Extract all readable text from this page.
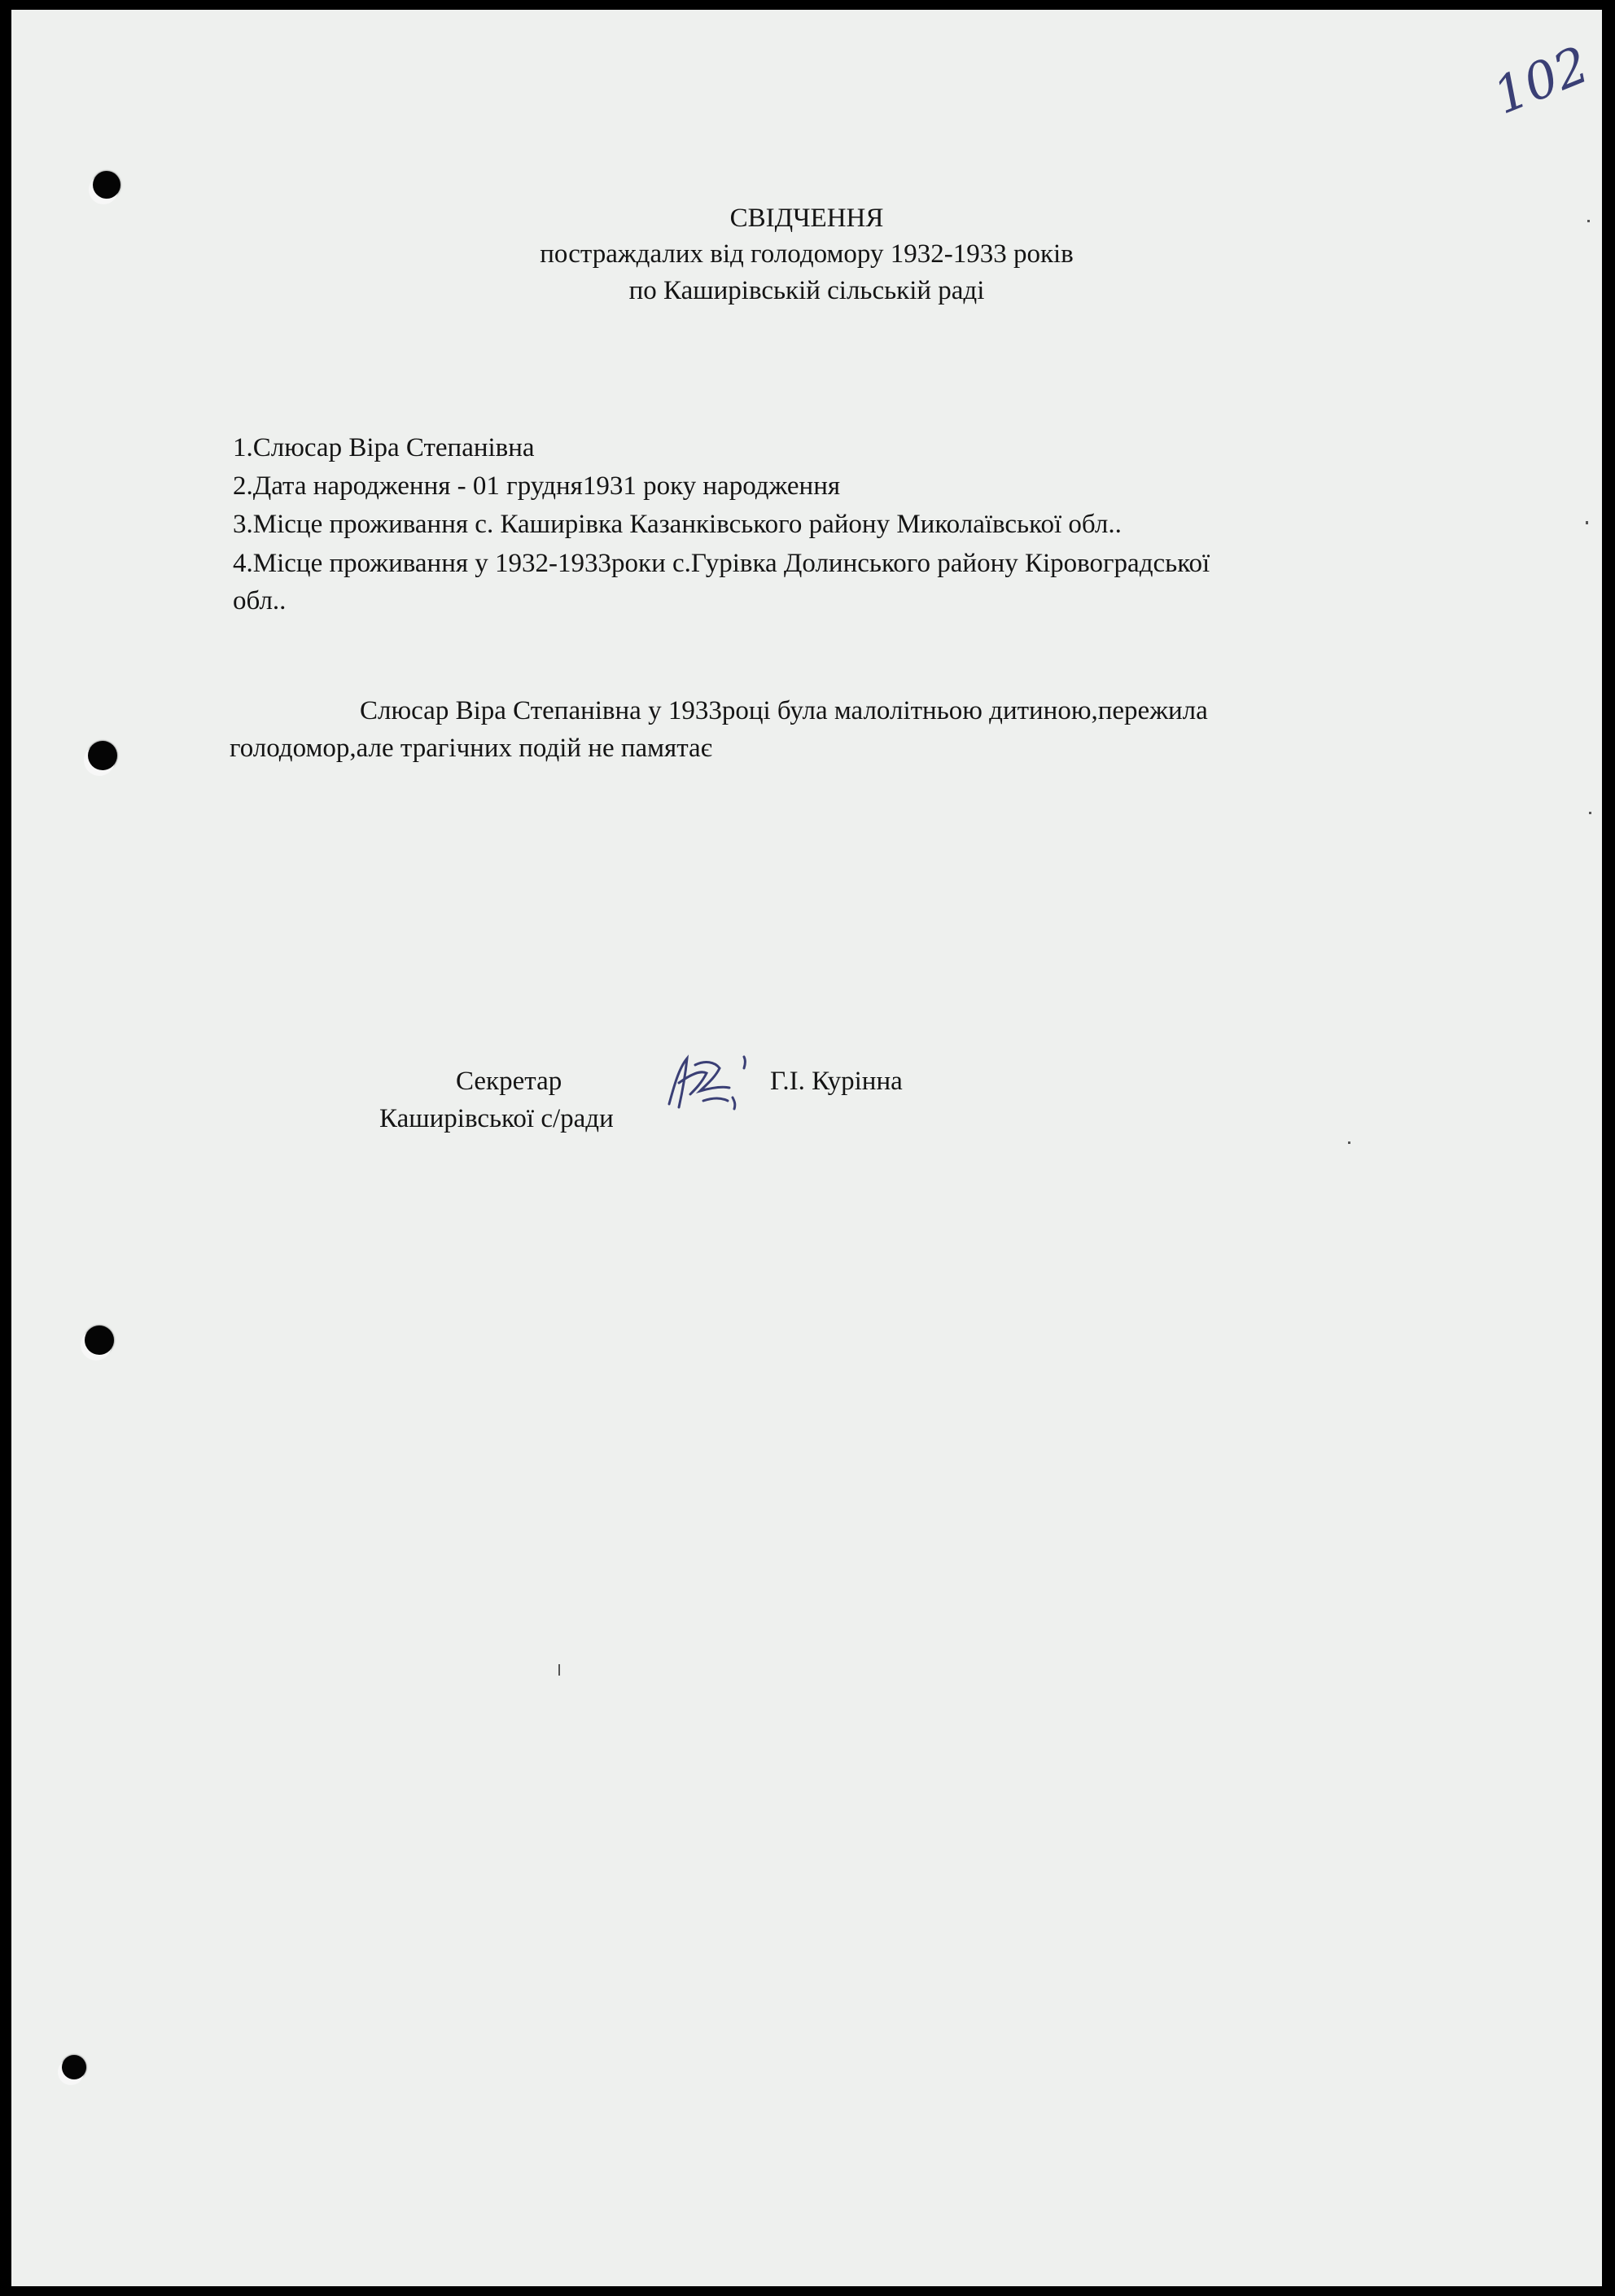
102
СВІДЧЕННЯ
постраждалих від голодомору 1932-1933 років
по Каширівській сільській раді
1.Слюсар Віра Степанівна
2.Дата народження - 01 грудня1931 року народження
3.Місце проживання с. Каширівка Казанківського району Миколаївської обл..
4.Місце проживання у 1932-1933роки с.Гурівка Долинського району Кіровоградської
обл..
Слюсар Віра Степанівна у 1933році була малолітньою дитиною,пережила
голодомор,але трагічних подій не памятає
Секретар
Каширівської с/ради
Г.І. Курінна
